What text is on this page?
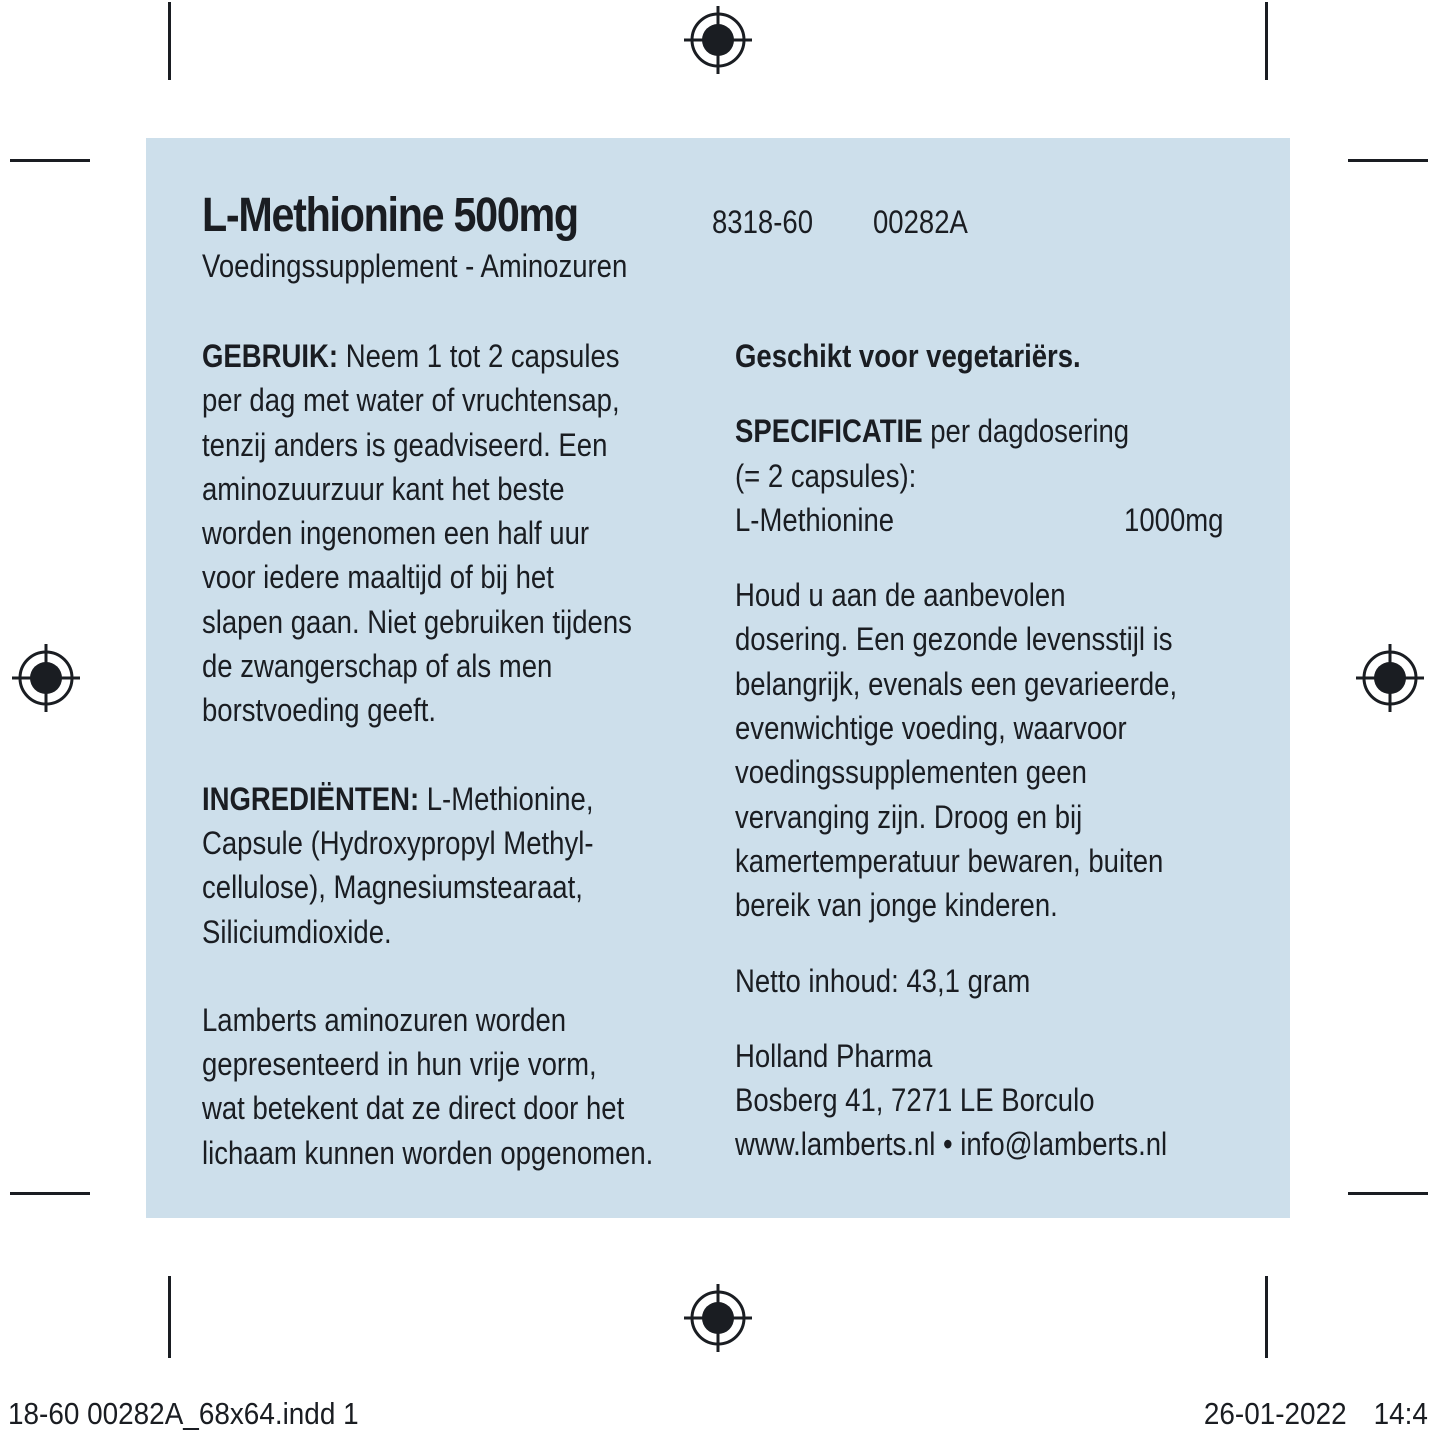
L-Methionine 500mg	8318-60 00282A
Voedingssupplement - Aminozuren

GEBRUIK: Neem 1 tot 2 capsules
per dag met water of vruchtensap,
tenzij anders is geadviseerd. Een
aminozuurzuur kant het beste
worden ingenomen een half uur
voor iedere maaltijd of bij het
slapen gaan. Niet gebruiken tijdens
de zwangerschap of als men
borstvoeding geeft.

INGREDIËNTEN: L-Methionine,
Capsule (Hydroxypropyl Methyl-
cellulose), Magnesiumstearaat,
Siliciumdioxide.

Lamberts aminozuren worden
gepresenteerd in hun vrije vorm,
wat betekent dat ze direct door het
lichaam kunnen worden opgenomen.

Geschikt voor vegetariërs.

SPECIFICATIE per dagdosering
(= 2 capsules):

L-Methionine	1000mg

Houd u aan de aanbevolen
dosering. Een gezonde levensstijl is
belangrijk, evenals een gevarieerde,
evenwichtige voeding, waarvoor
voedingssupplementen geen
vervanging zijn. Droog en bij
kamertemperatuur bewaren, buiten
bereik van jonge kinderen.

Netto inhoud: 43,1 gram

Holland Pharma
Bosberg 41, 7271 LE Borculo
www.lamberts.nl • info@lamberts.nl

18-60 00282A_68x64.indd 1	26-01-2022 14:4
